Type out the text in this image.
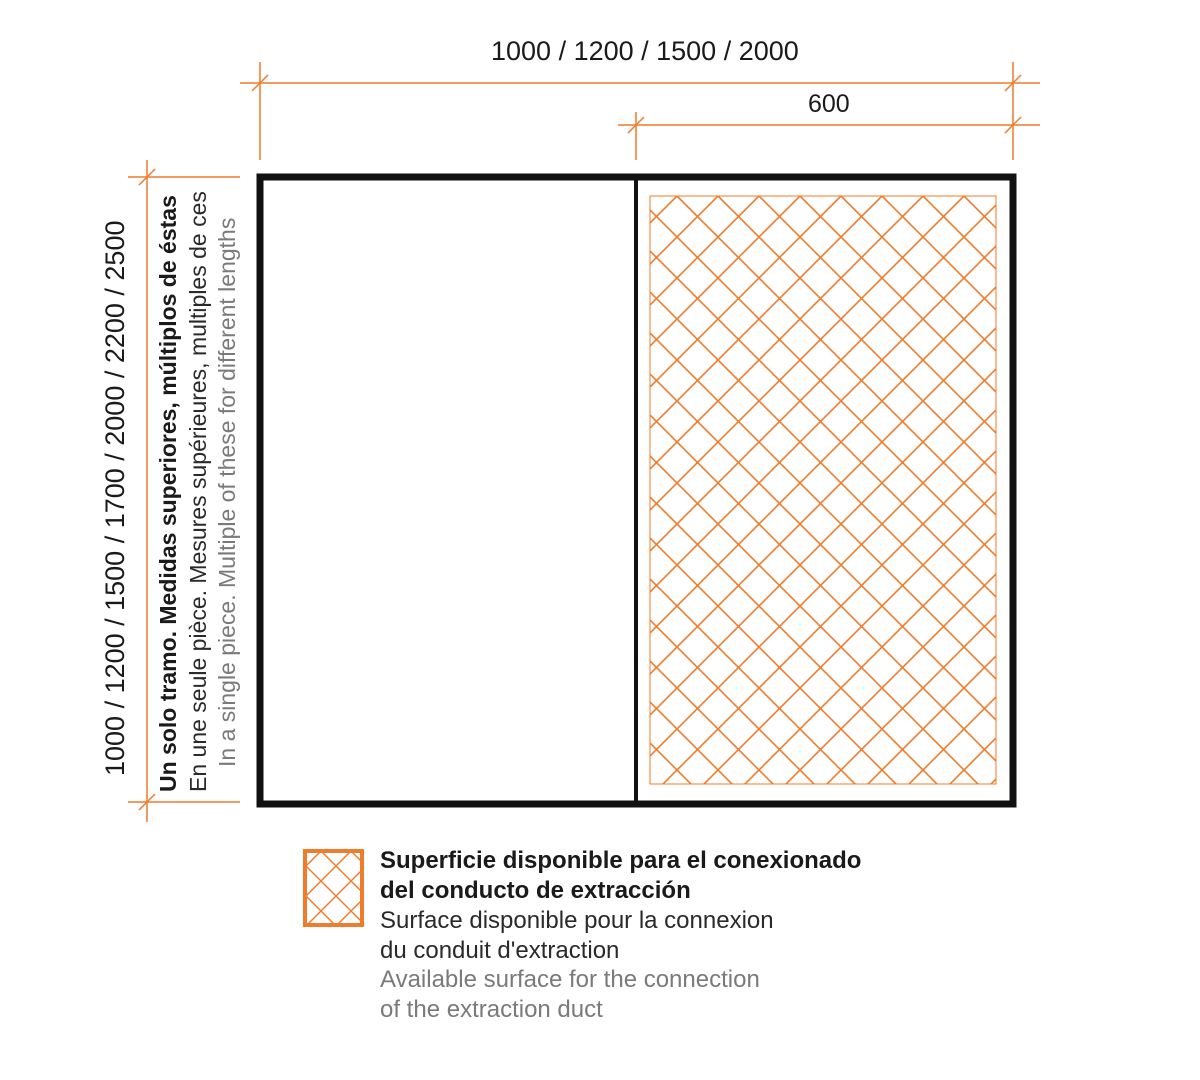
1000 / 1200 / 1500 / 2000
600
1000 / 1200 / 1500 / 1700 / 2000 / 2200 / 2500 Un solo tramo. Medidas superiores, múltiplos de éstas En une seule pièce. Mesures supérieures, multiples de ces In a single piece. Multiple of these for different lengths
Superficie disponible para el conexionado
del conducto de extracción
Surface disponible pour la connexion
du conduit d'extraction
Available surface for the connection
of the extraction duct
